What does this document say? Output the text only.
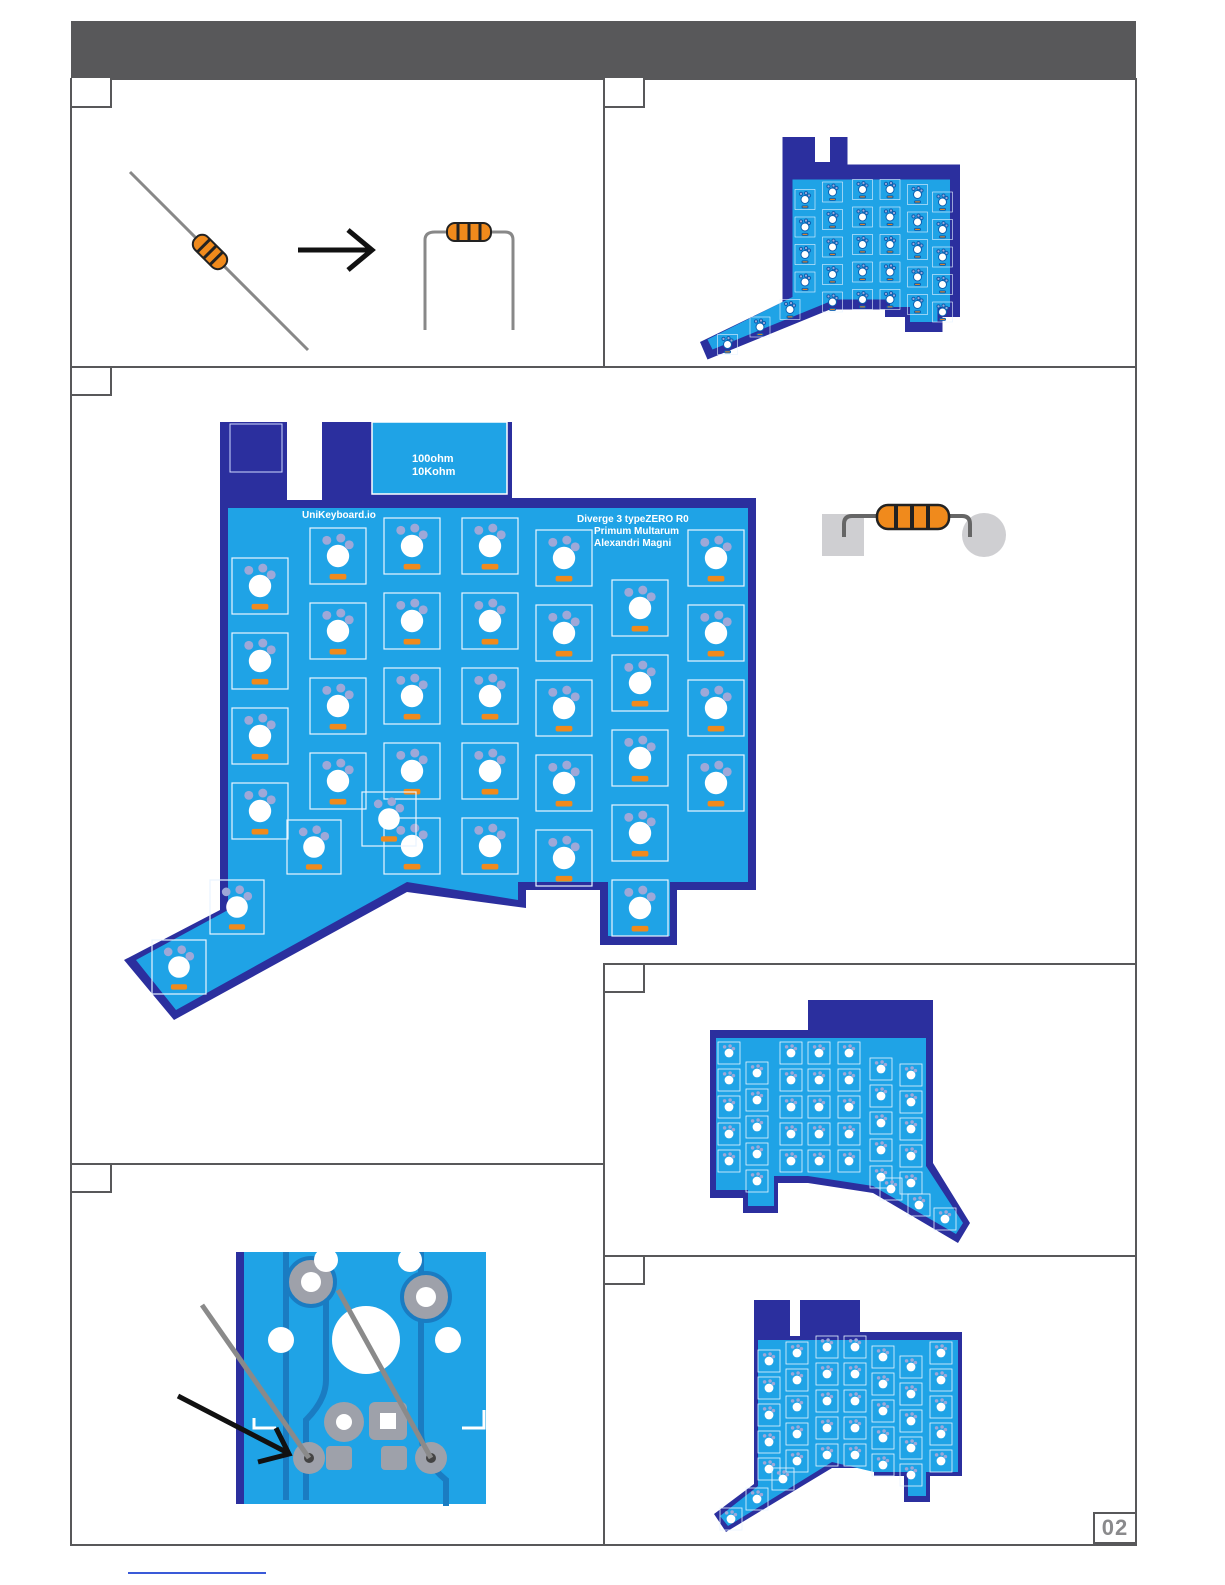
100ohm
10Kohm
UniKeyboard.io	Diverge 3 typeZERO R0
Primum Multarum
Alexandri Magni
02
